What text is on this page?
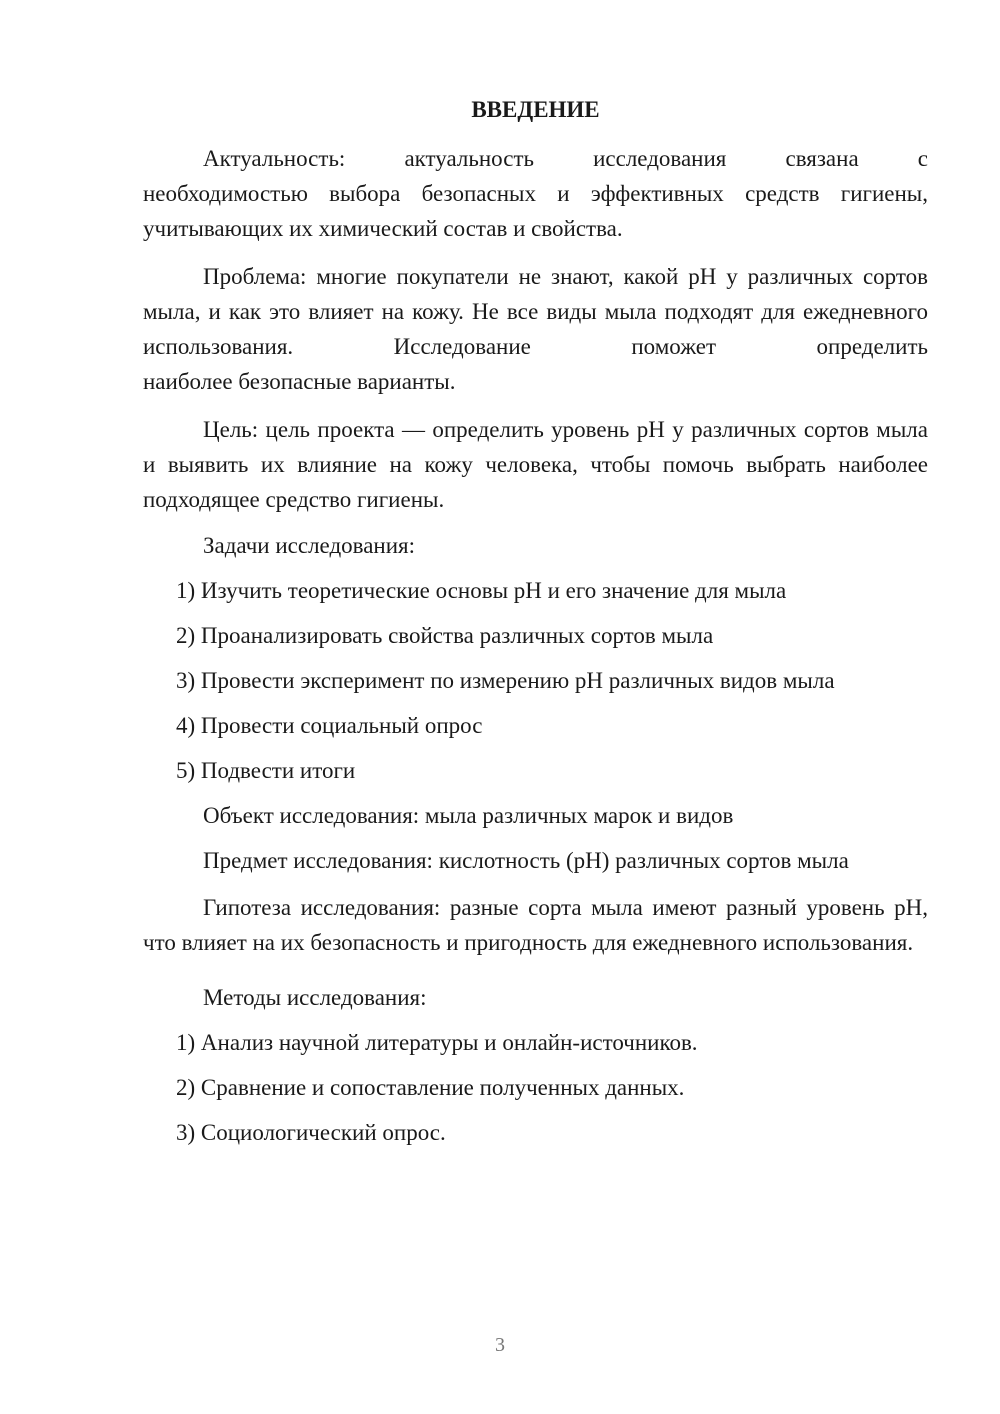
ВВЕДЕНИЕ
Актуальность: актуальность исследования связана с
необходимостью выбора безопасных и эффективных средств гигиены, учитывающих их химический состав и свойства.
Проблема: многие покупатели не знают, какой pH у различных сортов мыла, и как это влияет на кожу. Не все виды мыла подходят для ежедневного использования. Исследование поможет определить
наиболее безопасные варианты.
Цель: цель проекта — определить уровень pH у различных сортов мыла и выявить их влияние на кожу человека, чтобы помочь выбрать наиболее подходящее средство гигиены.
Задачи исследования:
1) Изучить теоретические основы pH и его значение для мыла
2) Проанализировать свойства различных сортов мыла
3) Провести эксперимент по измерению pH различных видов мыла
4) Провести социальный опрос
5) Подвести итоги
Объект исследования: мыла различных марок и видов
Предмет исследования: кислотность (pH) различных сортов мыла
Гипотеза исследования: разные сорта мыла имеют разный уровень pH, что влияет на их безопасность и пригодность для ежедневного использования.
Методы исследования:
1) Анализ научной литературы и онлайн-источников.
2) Сравнение и сопоставление полученных данных.
3) Социологический опрос.
3
